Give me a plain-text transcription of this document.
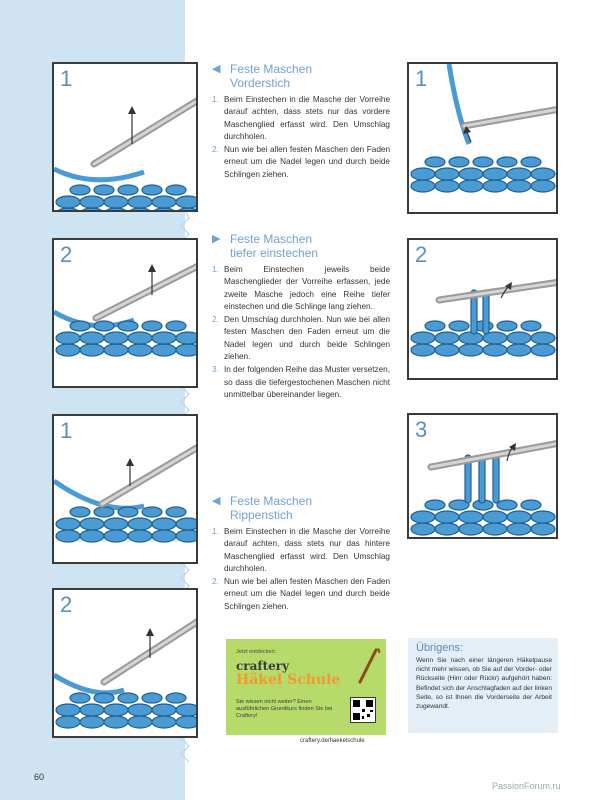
1
2
1
2
1
2
3
◀ Feste Maschen
Vorderstich
1. Beim Einstechen in die Masche der Vorreihe darauf achten, dass stets nur das vordere Maschenglied erfasst wird. Den Umschlag durchholen.
2. Nun wie bei allen festen Maschen den Faden erneut um die Nadel legen und durch beide Schlingen ziehen.
▶ Feste Maschen
tiefer einstechen
1. Beim Einstechen jeweils beide Maschenglieder der Vorreihe erfassen, jede zweite Masche jedoch eine Reihe tiefer einstechen und die Schlinge lang ziehen.
2. Den Umschlag durchholen. Nun wie bei allen festen Maschen den Faden erneut um die Nadel legen und durch beide Schlingen ziehen.
3. In der folgenden Reihe das Muster versetzen, so dass die tiefergestochenen Maschen nicht unmittelbar übereinander liegen.
◀ Feste Maschen
Rippenstich
1. Beim Einstechen in die Masche der Vorreihe darauf achten, dass stets nur das hintere Maschenglied erfasst wird. Den Umschlag durchholen.
2. Nun wie bei allen festen Maschen den Faden erneut um die Nadel legen und durch beide Schlingen ziehen.
Jetzt entdecken:
craftery
Häkel Schule
Sie wissen nicht weiter? Einen ausführlichen Grundkurs finden Sie bei Craftery!
craftery.de/haekelschule
Übrigens:

Wenn Sie nach einer längeren Häkelpause nicht mehr wissen, ob Sie auf der Vorder- oder Rückseite (Hinr oder Rückr) aufgehört haben: Befindet sich der Anschlagfaden auf der linken Seite, so ist Ihnen die Vorderseite der Arbeit zugewandt.

60
PassionForum.ru
